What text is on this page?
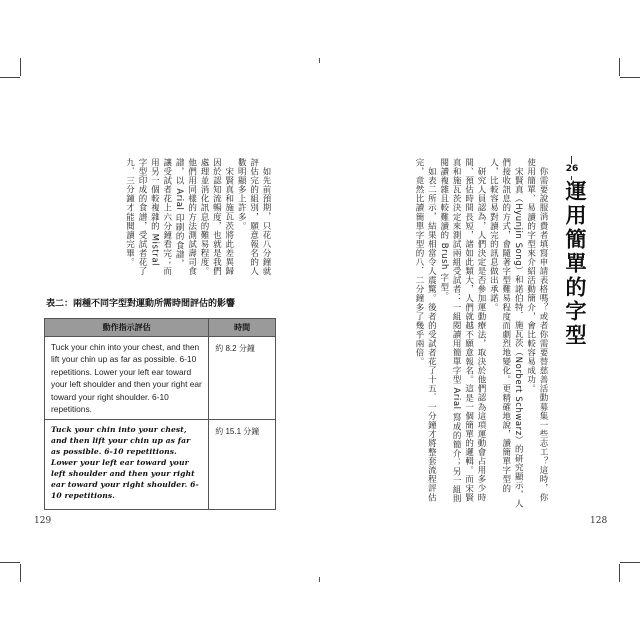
26
運用簡單的字型

你需要說服消費者填寫申請表格嗎？或者你需要替慈善活動募集一些志工？這時，你使用簡單、易讀的字型來介紹活動簡介，會比較容易成功。

宋賢真（Hyunjin Song）和諾伯特．施瓦茨（Norbert Schwarz）的研究顯示，人們接收訊息的方式，會隨著字型難易程度而劇烈地變化。更精確地說，讀簡單字型的人，比較容易對讀完的訊息做出承諾。

研究人員認為，人們決定是否參加運動療法，取決於他們認為這項運動會占用多少時間、預估時間長短，諸如此類大，人們就越不願意報名。這是一個簡單的邏輯。而宋賢真和施瓦茨決定來測試兩組受試者：一組閱讀用簡單字型 Arial 寫成的簡介；另一組則閱讀複雜且較難讀的 Brush 字型。

如表二所示，結果相當令人震驚。後者的受試者花了十五．一分鐘才將整套流程評估完，竟然比讀簡單字型的八．二分鐘多了幾乎兩倍。

128

如先前預期，只花八分鐘就評估完的組別，願意報名的人數明顯多上許多。

宋賢真和施瓦茨將此差異歸因於認知流暢度，也就是我們處理並消化訊息的難易程度。他們用同樣的方法測試壽司食譜，以 Arial 印刷的食譜，讓受試者花上六分鐘看完；而用另一個較複雜的 Mistral 字型印成的食譜，受試者花了九．三分鐘才能閱讀完畢。

表二：兩種不同字型對運動所需時間評估的影響
動作指示評估	時間
Tuck your chin into your chest, and then lift your chin up as far as possible. 6-10 repetitions. Lower your left ear toward your left shoulder and then your right ear toward your right shoulder. 6-10 repetitions.	約 8.2 分鐘
Tuck your chin into your chest, and then lift your chin up as far as possible. 6-10 repetitions. Lower your left ear toward your left shoulder and then your right ear toward your right shoulder. 6-10 repetitions.	約 15.1 分鐘
129
